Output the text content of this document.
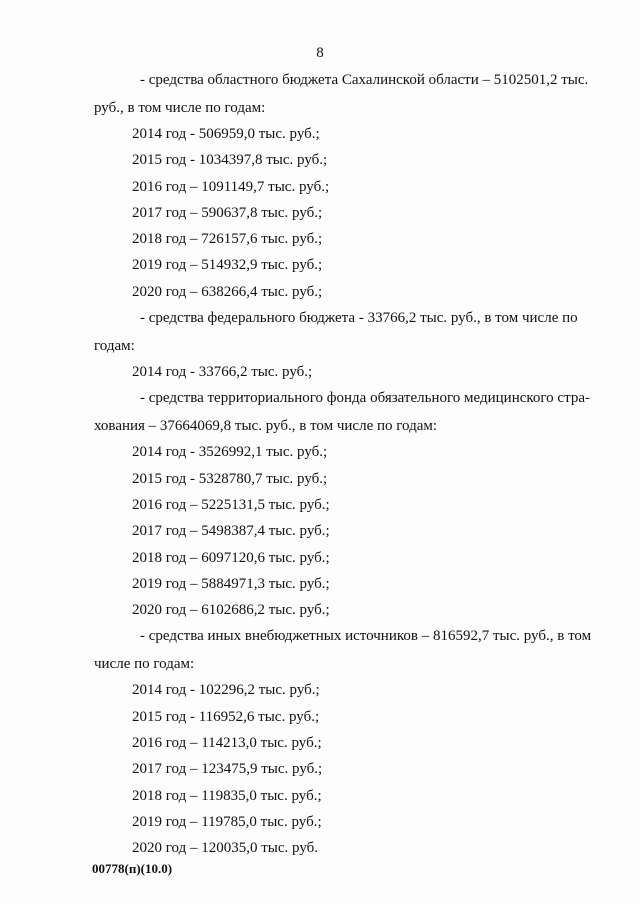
8

- средства областного бюджета Сахалинской области – 5102501,2 тыс.

руб., в том числе по годам:

2014 год - 506959,0 тыс. руб.;

2015 год - 1034397,8 тыс. руб.;

2016 год – 1091149,7 тыс. руб.;

2017 год – 590637,8 тыс. руб.;

2018 год – 726157,6 тыс. руб.;

2019 год – 514932,9 тыс. руб.;

2020 год – 638266,4 тыс. руб.;

- средства федерального бюджета - 33766,2 тыс. руб., в том числе по

годам:

2014 год - 33766,2 тыс. руб.;

- средства территориального фонда обязательного медицинского стра-

хования – 37664069,8 тыс. руб., в том числе по годам:

2014 год - 3526992,1 тыс. руб.;

2015 год - 5328780,7 тыс. руб.;

2016 год – 5225131,5 тыс. руб.;

2017 год – 5498387,4 тыс. руб.;

2018 год – 6097120,6 тыс. руб.;

2019 год – 5884971,3 тыс. руб.;

2020 год – 6102686,2 тыс. руб.;

- средства иных внебюджетных источников – 816592,7 тыс. руб., в том

числе по годам:

2014 год - 102296,2 тыс. руб.;

2015 год - 116952,6 тыс. руб.;

2016 год – 114213,0 тыс. руб.;

2017 год – 123475,9 тыс. руб.;

2018 год – 119835,0 тыс. руб.;

2019 год – 119785,0 тыс. руб.;

2020 год – 120035,0 тыс. руб.

00778(п)(10.0)
